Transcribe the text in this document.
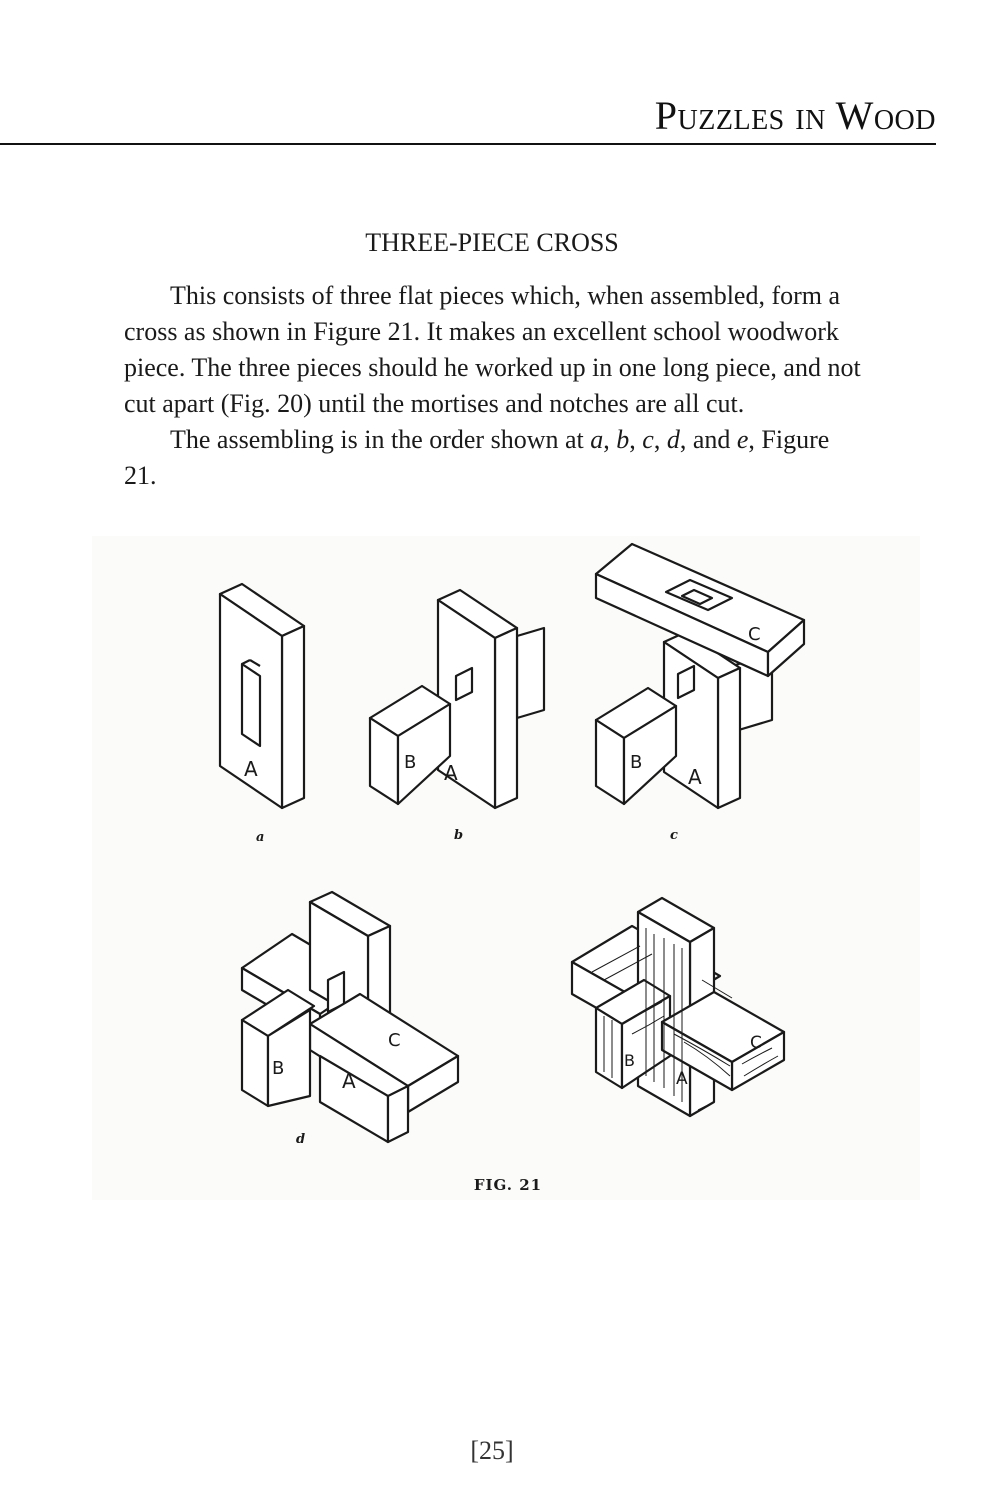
Puzzles in Wood
THREE-PIECE CROSS

This consists of three flat pieces which, when assembled, form a cross as shown in Figure 21. It makes an excellent school woodwork piece. The three pieces should he worked up in one long piece, and not cut apart (Fig. 20) until the mortises and notches are all cut.

The assembling is in the order shown at a, b, c, d, and e, Figure 21.

A	B A
C
B
A
C
B
A
C
B
A
a	b	c
d
FIG. 21
[25]
